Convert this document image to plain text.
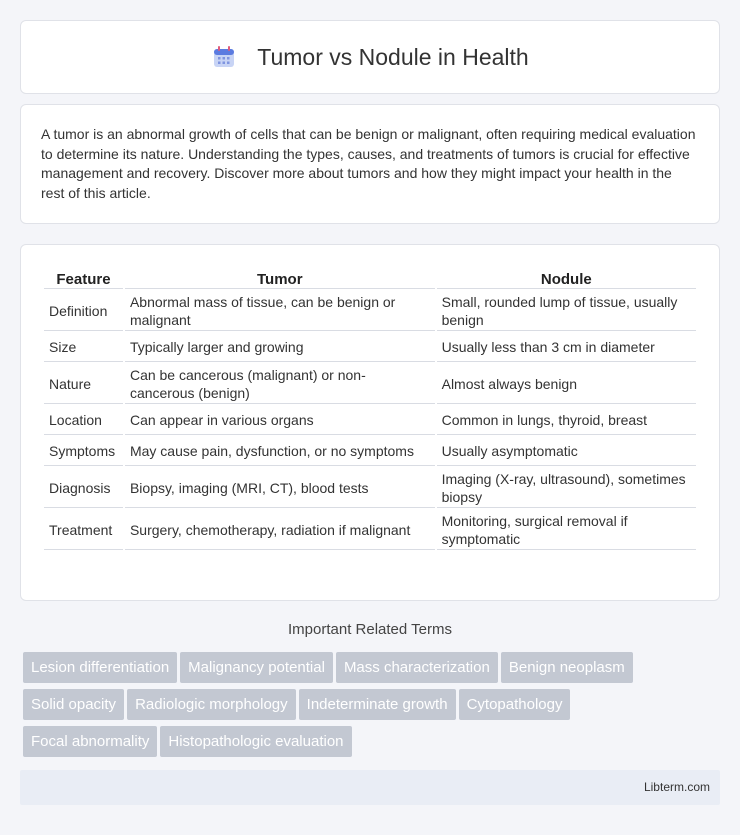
Tumor vs Nodule in Health

A tumor is an abnormal growth of cells that can be benign or malignant, often requiring medical evaluation to determine its nature. Understanding the types, causes, and treatments of tumors is crucial for effective management and recovery. Discover more about tumors and how they might impact your health in the rest of this article.

Feature	Tumor	Nodule
Definition	Abnormal mass of tissue, can be benign or malignant	Small, rounded lump of tissue, usually benign
Size	Typically larger and growing	Usually less than 3 cm in diameter
Nature	Can be cancerous (malignant) or non-cancerous (benign)	Almost always benign
Location	Can appear in various organs	Common in lungs, thyroid, breast
Symptoms	May cause pain, dysfunction, or no symptoms	Usually asymptomatic
Diagnosis	Biopsy, imaging (MRI, CT), blood tests	Imaging (X-ray, ultrasound), sometimes biopsy
Treatment	Surgery, chemotherapy, radiation if malignant	Monitoring, surgical removal if symptomatic
Important Related Terms
Lesion differentiation Malignancy potential Mass characterization Benign neoplasm
Solid opacity Radiologic morphology Indeterminate growth Cytopathology
Focal abnormality Histopathologic evaluation
Libterm.com
